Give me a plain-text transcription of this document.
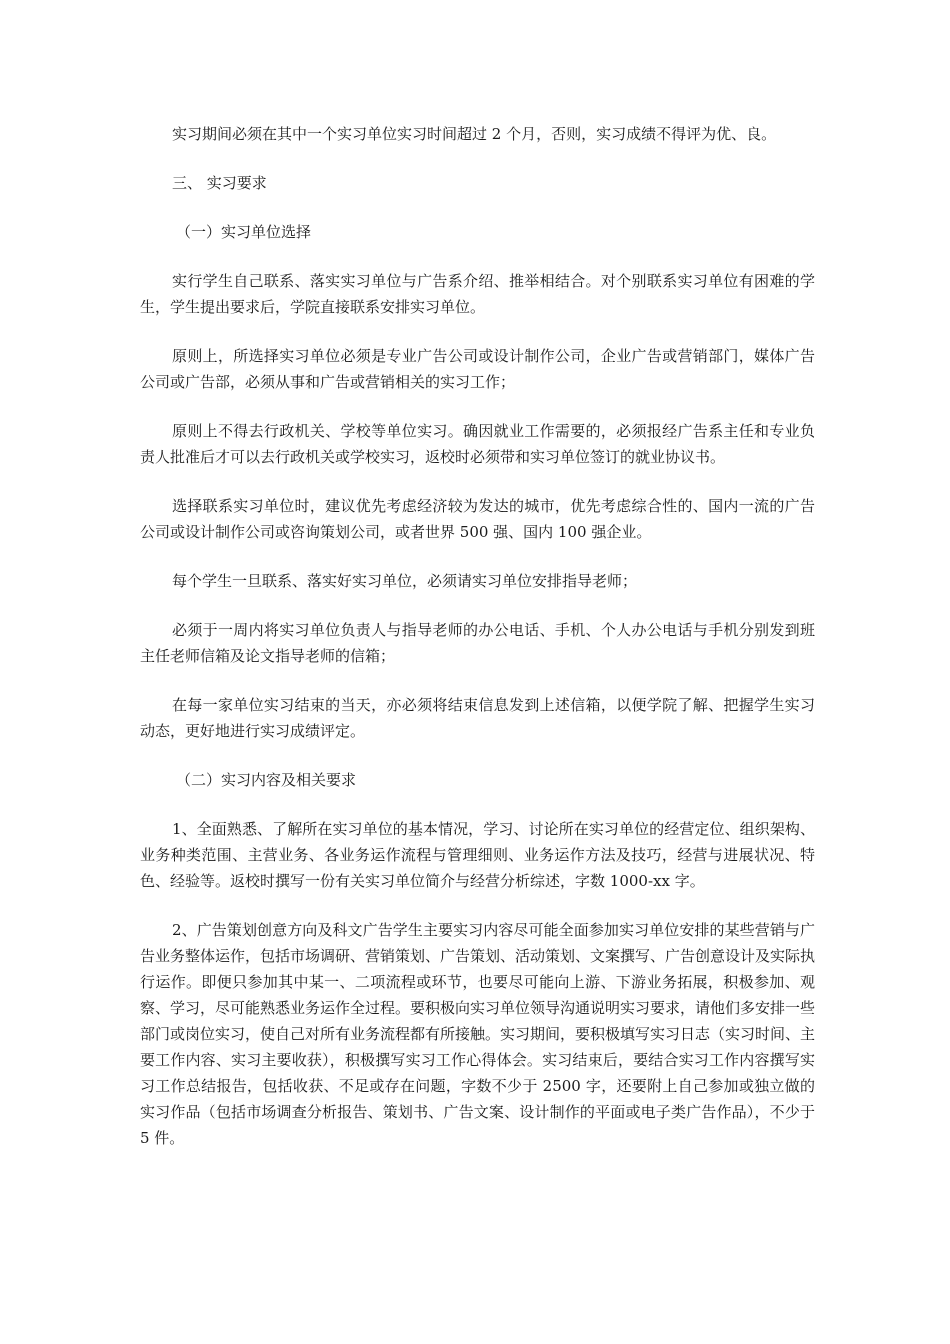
实习期间必须在其中一个实习单位实习时间超过 2 个月，否则，实习成绩不得评为优、良。

三、 实习要求

（一）实习单位选择

实行学生自己联系、落实实习单位与广告系介绍、推举相结合。对个别联系实习单位有困难的学生，学生提出要求后，学院直接联系安排实习单位。

原则上，所选择实习单位必须是专业广告公司或设计制作公司，企业广告或营销部门，媒体广告公司或广告部，必须从事和广告或营销相关的实习工作；

原则上不得去行政机关、学校等单位实习。确因就业工作需要的，必须报经广告系主任和专业负责人批准后才可以去行政机关或学校实习，返校时必须带和实习单位签订的就业协议书。

选择联系实习单位时，建议优先考虑经济较为发达的城市，优先考虑综合性的、国内一流的广告公司或设计制作公司或咨询策划公司，或者世界 500 强、国内 100 强企业。

每个学生一旦联系、落实好实习单位，必须请实习单位安排指导老师；

必须于一周内将实习单位负责人与指导老师的办公电话、手机、个人办公电话与手机分别发到班主任老师信箱及论文指导老师的信箱；

在每一家单位实习结束的当天，亦必须将结束信息发到上述信箱，以便学院了解、把握学生实习动态，更好地进行实习成绩评定。

（二）实习内容及相关要求

1、全面熟悉、了解所在实习单位的基本情况，学习、讨论所在实习单位的经营定位、组织架构、业务种类范围、主营业务、各业务运作流程与管理细则、业务运作方法及技巧，经营与进展状况、特色、经验等。返校时撰写一份有关实习单位简介与经营分析综述，字数 1000-xx 字。

2、广告策划创意方向及科文广告学生主要实习内容尽可能全面参加实习单位安排的某些营销与广告业务整体运作，包括市场调研、营销策划、广告策划、活动策划、文案撰写、广告创意设计及实际执行运作。即便只参加其中某一、二项流程或环节，也要尽可能向上游、下游业务拓展，积极参加、观察、学习，尽可能熟悉业务运作全过程。要积极向实习单位领导沟通说明实习要求，请他们多安排一些部门或岗位实习，使自己对所有业务流程都有所接触。实习期间，要积极填写实习日志（实习时间、主要工作内容、实习主要收获），积极撰写实习工作心得体会。实习结束后，要结合实习工作内容撰写实习工作总结报告，包括收获、不足或存在问题，字数不少于 2500 字，还要附上自己参加或独立做的实习作品（包括市场调查分析报告、策划书、广告文案、设计制作的平面或电子类广告作品），不少于 5 件。
